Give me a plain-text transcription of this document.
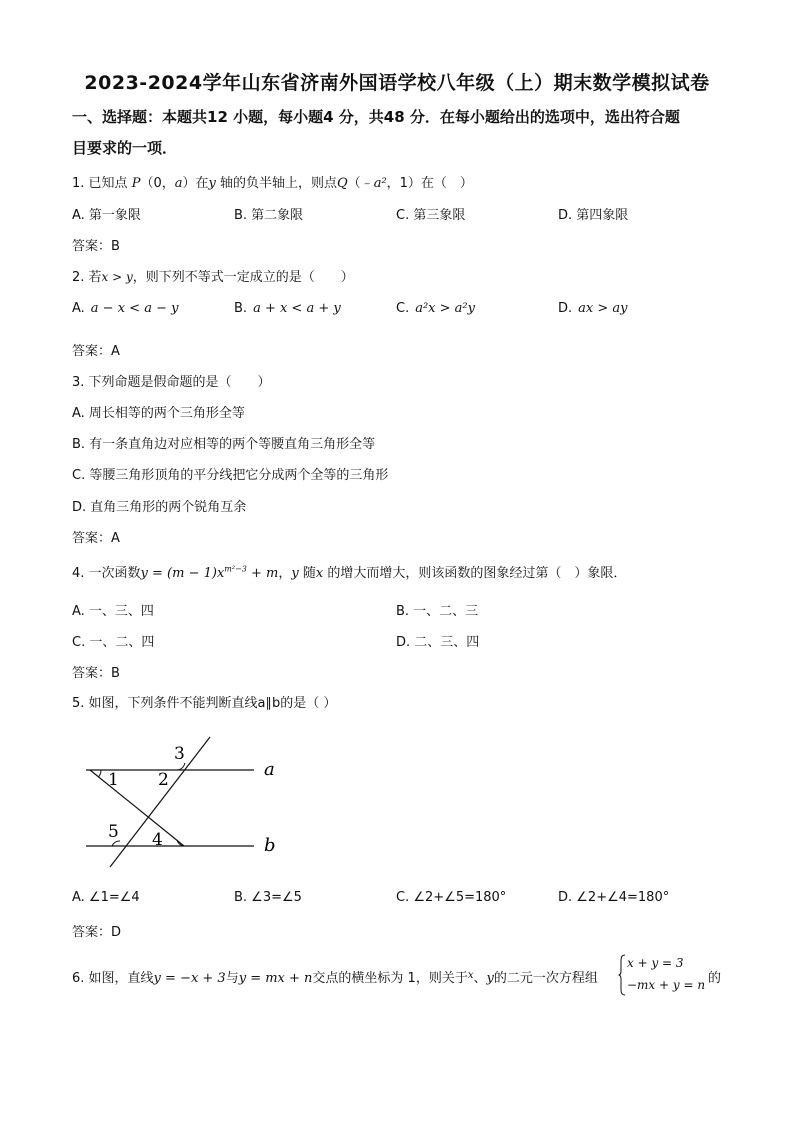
2023-2024学年山东省济南外国语学校八年级（上）期末数学模拟试卷
一、选择题：本题共12 小题，每小题4 分，共48 分．在每小题给出的选项中，选出符合题
目要求的一项．
1. 已知点 P（0，a）在y 轴的负半轴上，则点Q（﹣a²，1）在（　）
A. 第一象限	B. 第二象限	C. 第三象限	D. 第四象限
答案：B
2. 若x > y，则下列不等式一定成立的是（　　）
A. a − x < a − y	B. a + x < a + y	C. a²x > a²y	D. ax > ay
答案：A
3. 下列命题是假命题的是（　　）
A. 周长相等的两个三角形全等
B. 有一条直角边对应相等的两个等腰直角三角形全等
C. 等腰三角形顶角的平分线把它分成两个全等的三角形
D. 直角三角形的两个锐角互余
答案：A
4. 一次函数$y = (m - 1)x^{m^2-3} + m$，y 随x 的增大而增大，则该函数的图象经过第（　）象限．
A. 一、三、四	B. 一、二、三
C. 一、二、四	D. 二、三、四
答案：B
5. 如图，下列条件不能判断直线a∥b的是（ ）
1 2
3
4
5
a
b
A. ∠1=∠4	B. ∠3=∠5	C. ∠2+∠5=180°	D. ∠2+∠4=180°
答案：D
6. 如图，直线y = −x + 3与y = mx + n交点的横坐标为 1，则关于$^x$、y的二元一次方程组
x + y = 3
−mx + y = n 的
